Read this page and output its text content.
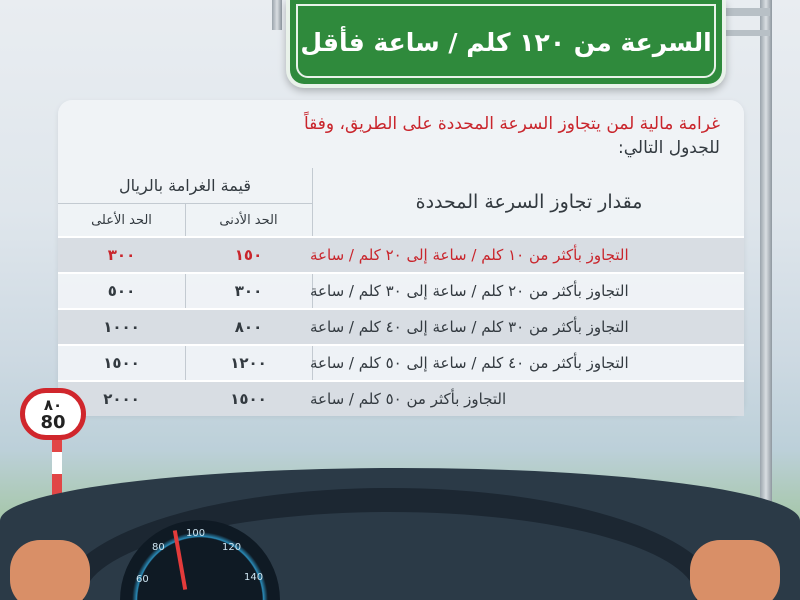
السرعة من ١٢٠ كلم / ساعة فأقل
غرامة مالية لمن يتجاوز السرعة المحددة على الطريق، وفقاً
للجدول التالي:
مقدار تجاوز السرعة المحددة
قيمة الغرامة بالريال
الحد الأعلى	الحد الأدنى
التجاوز بأكثر من ١٠ كلم / ساعة إلى ٢٠ كلم / ساعة
١٥٠
٣٠٠
التجاوز بأكثر من ٢٠ كلم / ساعة إلى ٣٠ كلم / ساعة
٣٠٠
٥٠٠
التجاوز بأكثر من ٣٠ كلم / ساعة إلى ٤٠ كلم / ساعة
٨٠٠
١٠٠٠
التجاوز بأكثر من ٤٠ كلم / ساعة إلى ٥٠ كلم / ساعة
١٢٠٠
١٥٠٠
التجاوز بأكثر من ٥٠ كلم / ساعة
١٥٠٠
٢٠٠٠
٨٠
80
60
80
100
120
140
